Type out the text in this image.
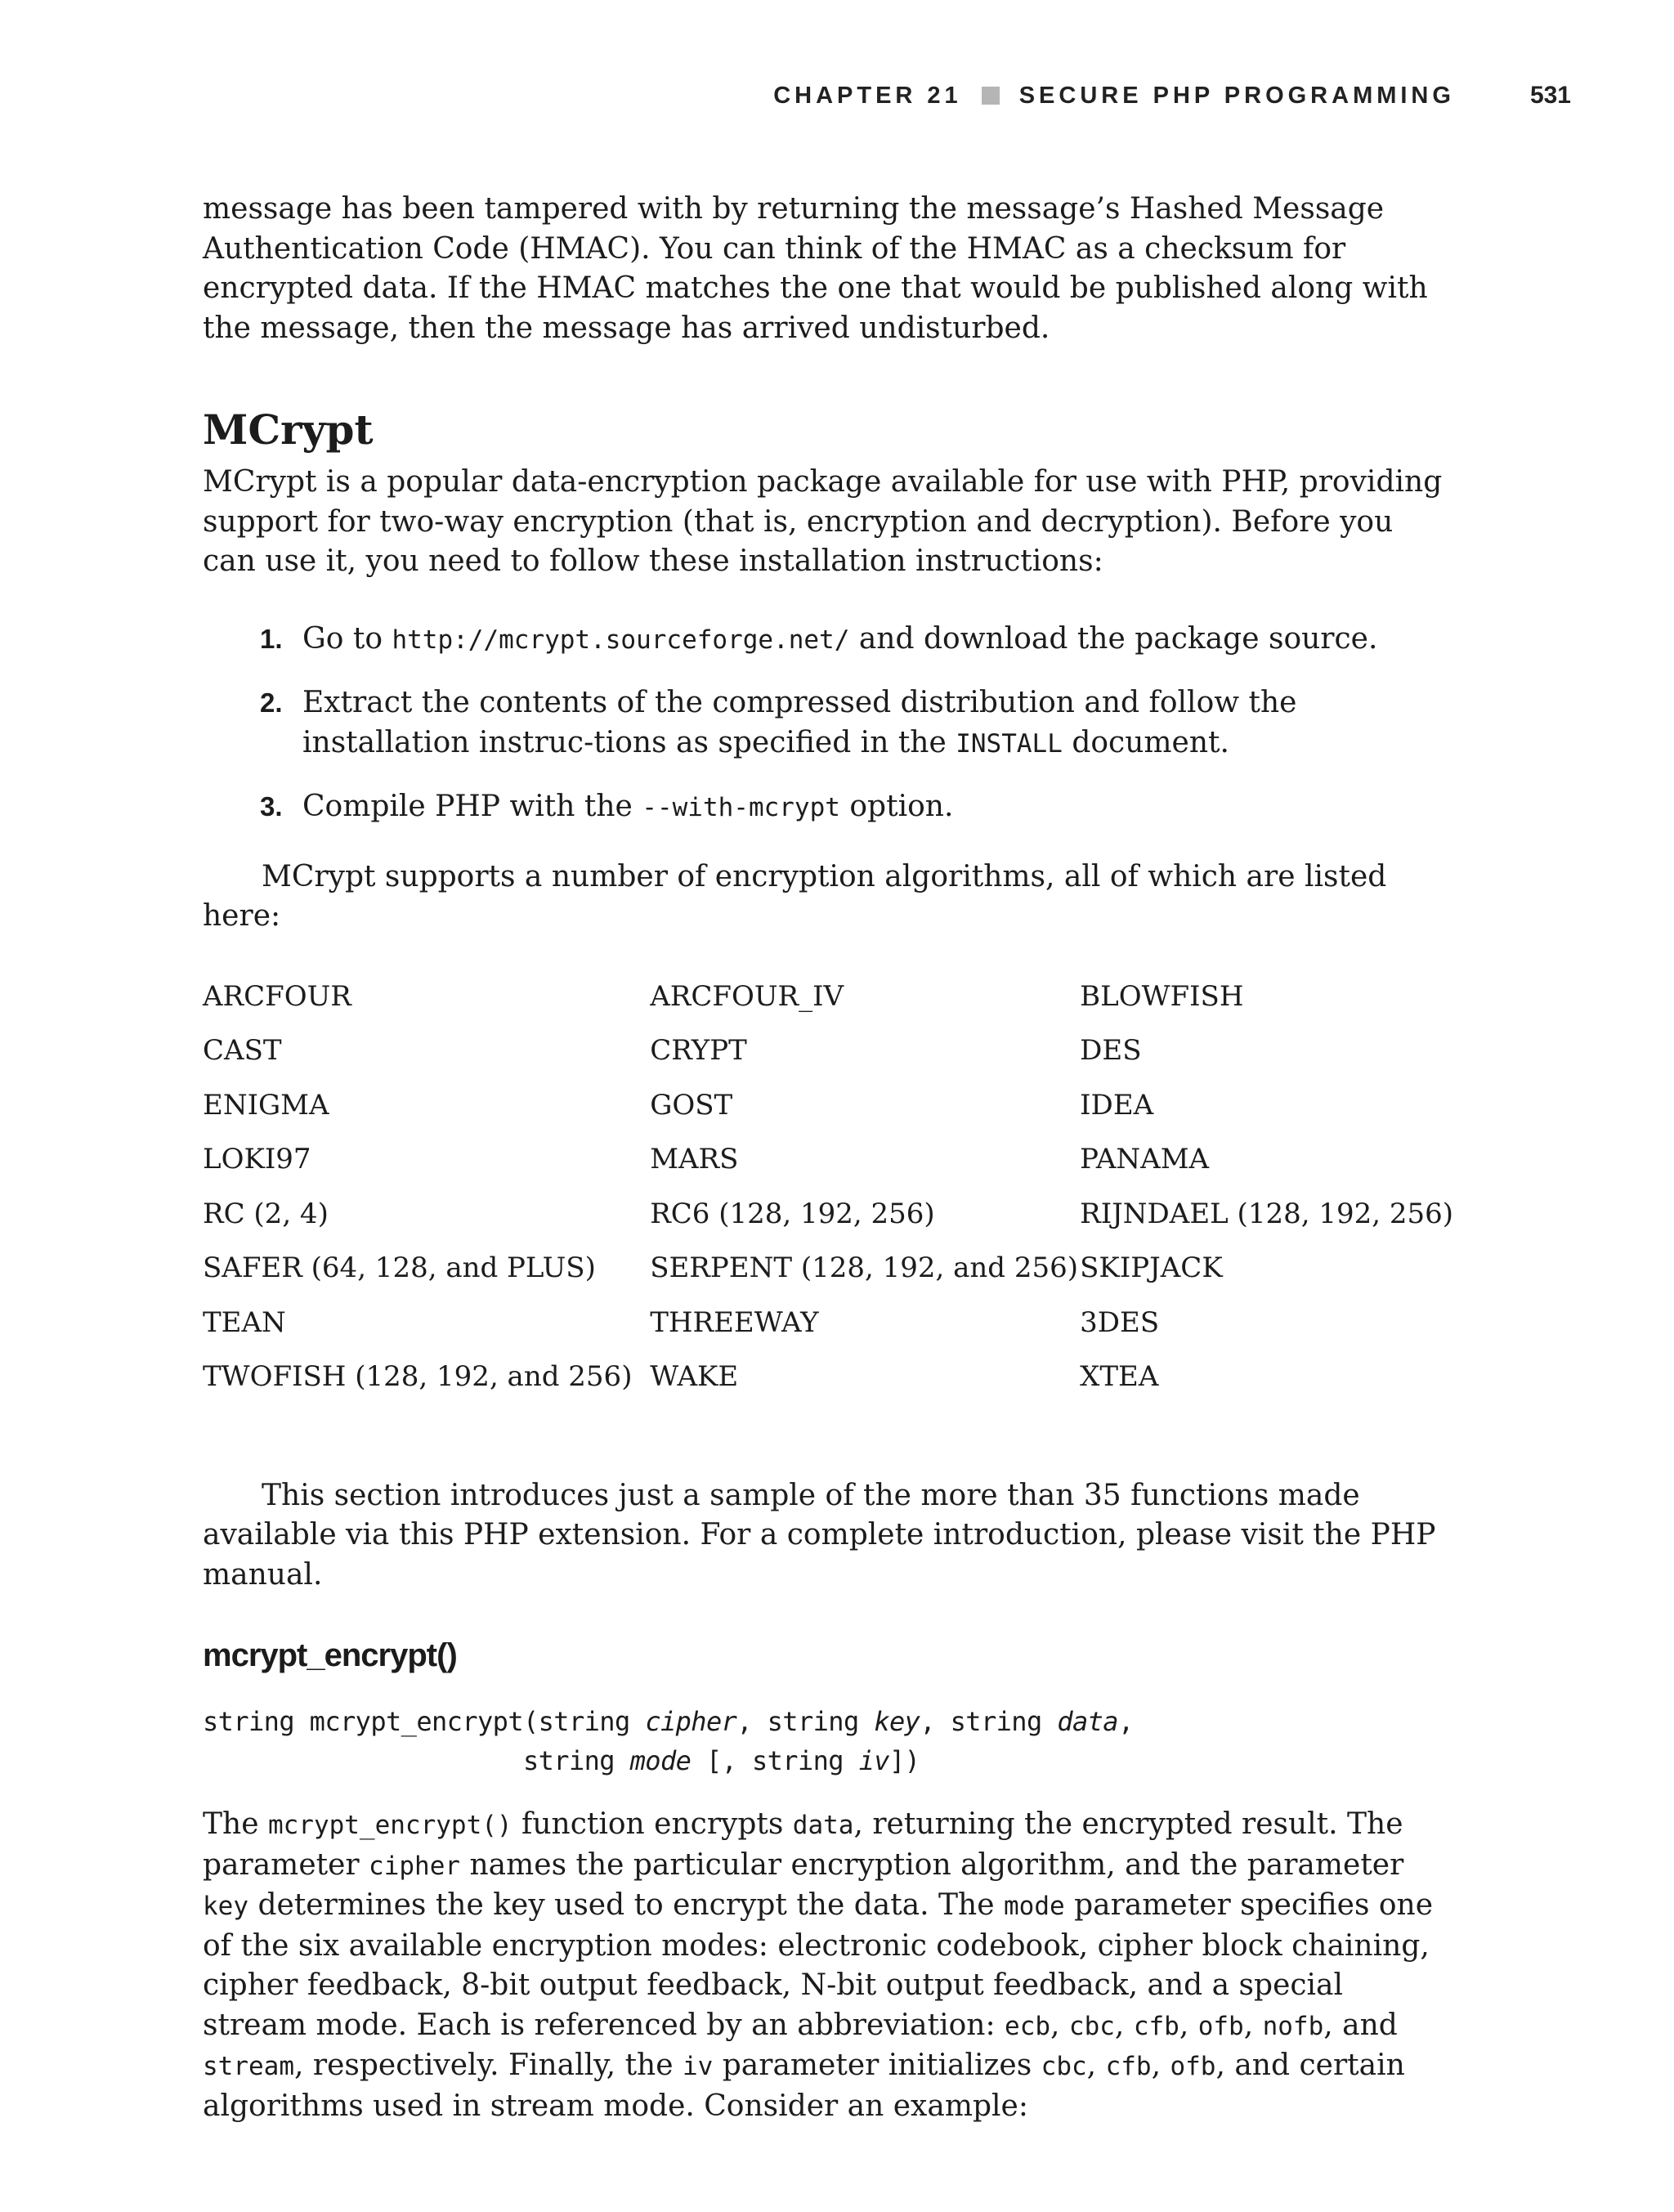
CHAPTER 21 SECURE PHP PROGRAMMING	531

message has been tampered with by returning the message’s Hashed Message Authentication Code (HMAC). You can think of the HMAC as a checksum for encrypted data. If the HMAC matches the one that would be published along with the message, then the message has arrived undisturbed.

MCrypt

MCrypt is a popular data-encryption package available for use with PHP, providing support for two-way encryption (that is, encryption and decryption). Before you can use it, you need to follow these installation instructions:

1. Go to http://mcrypt.sourceforge.net/ and download the package source.
2. Extract the contents of the compressed distribution and follow the installation instruc-tions as specified in the INSTALL document.
3. Compile PHP with the --with-mcrypt option.

MCrypt supports a number of encryption algorithms, all of which are listed here:

ARCFOUR	ARCFOUR_IV	BLOWFISH
CAST	CRYPT	DES
ENIGMA	GOST	IDEA
LOKI97	MARS	PANAMA
RC (2, 4)	RC6 (128, 192, 256)	RIJNDAEL (128, 192, 256)
SAFER (64, 128, and PLUS)	SERPENT (128, 192, and 256)	SKIPJACK
TEAN	THREEWAY	3DES
TWOFISH (128, 192, and 256)	WAKE	XTEA

This section introduces just a sample of the more than 35 functions made available via this PHP extension. For a complete introduction, please visit the PHP manual.

mcrypt_encrypt()
string mcrypt_encrypt(string cipher, string key, string data,
string mode [, string iv])

The mcrypt_encrypt() function encrypts data, returning the encrypted result. The parameter cipher names the particular encryption algorithm, and the parameter key determines the key used to encrypt the data. The mode parameter specifies one of the six available encryption modes: electronic codebook, cipher block chaining, cipher feedback, 8-bit output feedback, N-bit output feedback, and a special stream mode. Each is referenced by an abbreviation: ecb, cbc, cfb, ofb, nofb, and stream, respectively. Finally, the iv parameter initializes cbc, cfb, ofb, and certain algorithms used in stream mode. Consider an example:
